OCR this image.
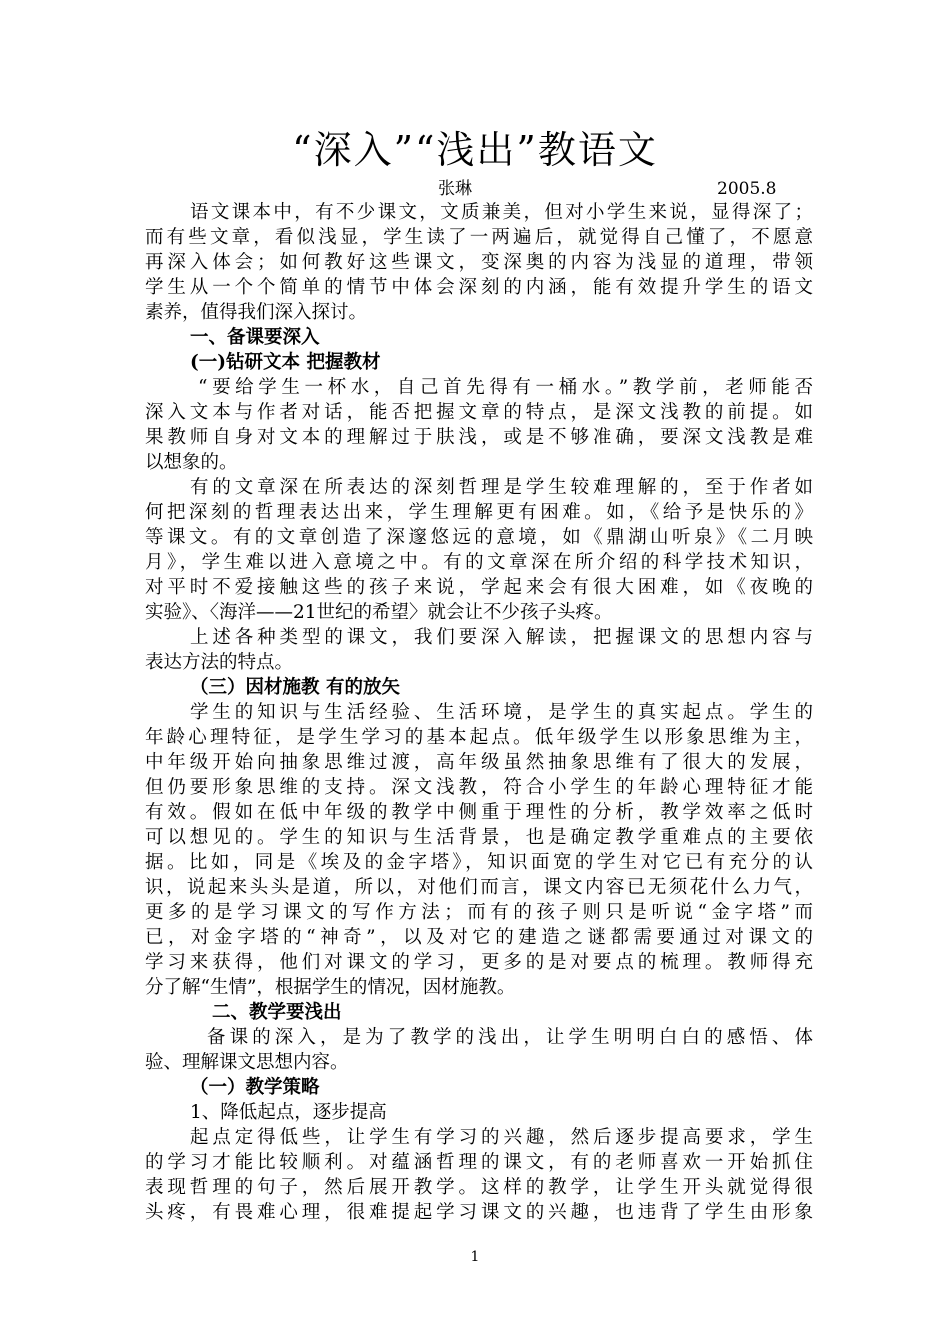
“深入”“浅出”教语文
张琳	2005.8
语文课本中，有不少课文，文质兼美，但对小学生来说，显得深了；
而有些文章，看似浅显，学生读了一两遍后，就觉得自己懂了，不愿意
再深入体会；如何教好这些课文，变深奥的内容为浅显的道理，带领
学生从一个个简单的情节中体会深刻的内涵，能有效提升学生的语文
素养，值得我们深入探讨。
一、备课要深入
(一)钻研文本 把握教材
“要给学生一杯水，自己首先得有一桶水。”教学前，老师能否
深入文本与作者对话，能否把握文章的特点，是深文浅教的前提。如
果教师自身对文本的理解过于肤浅，或是不够准确，要深文浅教是难
以想象的。
有的文章深在所表达的深刻哲理是学生较难理解的，至于作者如
何把深刻的哲理表达出来，学生理解更有困难。如，《给予是快乐的》
等课文。有的文章创造了深邃悠远的意境，如《鼎湖山听泉》《二月映
月》，学生难以进入意境之中。有的文章深在所介绍的科学技术知识，
对平时不爱接触这些的孩子来说，学起来会有很大困难，如《夜晚的
实验》、〈海洋——21世纪的希望〉就会让不少孩子头疼。
上述各种类型的课文，我们要深入解读，把握课文的思想内容与
表达方法的特点。
（三）因材施教 有的放矢
学生的知识与生活经验、生活环境，是学生的真实起点。学生的
年龄心理特征，是学生学习的基本起点。低年级学生以形象思维为主，
中年级开始向抽象思维过渡，高年级虽然抽象思维有了很大的发展，
但仍要形象思维的支持。深文浅教，符合小学生的年龄心理特征才能
有效。假如在低中年级的教学中侧重于理性的分析，教学效率之低时
可以想见的。学生的知识与生活背景，也是确定教学重难点的主要依
据。比如，同是《埃及的金字塔》，知识面宽的学生对它已有充分的认
识，说起来头头是道，所以，对他们而言，课文内容已无须花什么力气，
更多的是学习课文的写作方法；而有的孩子则只是听说“金字塔”而
已，对金字塔的“神奇”，以及对它的建造之谜都需要通过对课文的
学习来获得，他们对课文的学习，更多的是对要点的梳理。教师得充
分了解“生情”，根据学生的情况，因材施教。
二、教学要浅出
备课的深入，是为了教学的浅出，让学生明明白白的感悟、体
验、理解课文思想内容。
（一）教学策略
1、降低起点，逐步提高
起点定得低些，让学生有学习的兴趣，然后逐步提高要求，学生
的学习才能比较顺利。对蕴涵哲理的课文，有的老师喜欢一开始抓住
表现哲理的句子，然后展开教学。这样的教学，让学生开头就觉得很
头疼，有畏难心理，很难提起学习课文的兴趣，也违背了学生由形象
1
